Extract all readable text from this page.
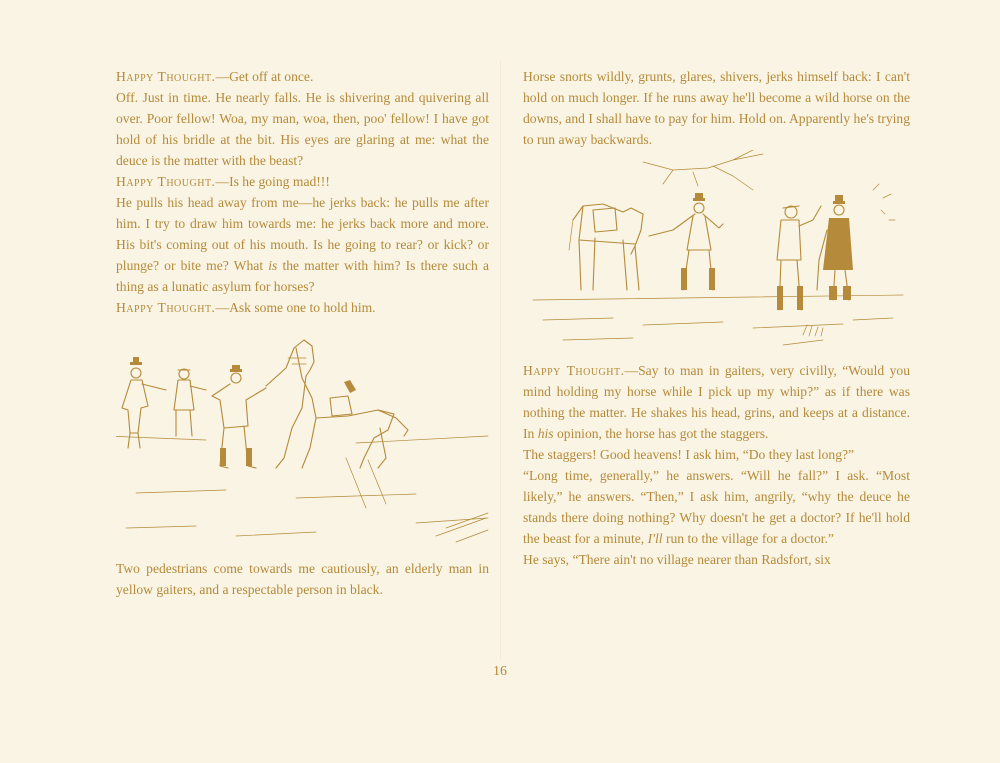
Happy Thought.—Get off at once.

Off. Just in time. He nearly falls. He is shivering and quivering all over. Poor fellow! Woa, my man, woa, then, poo' fellow! I have got hold of his bridle at the bit. His eyes are glaring at me: what the deuce is the matter with the beast?

Happy Thought.—Is he going mad!!!

He pulls his head away from me—he jerks back: he pulls me after him. I try to draw him towards me: he jerks back more and more. His bit's coming out of his mouth. Is he going to rear? or kick? or plunge? or bite me? What is the matter with him? Is there such a thing as a lunatic asylum for horses?

Happy Thought.—Ask some one to hold him.

Two pedestrians come towards me cautiously, an elderly man in yellow gaiters, and a respectable person in black.

Horse snorts wildly, grunts, glares, shivers, jerks himself back: I can't hold on much longer. If he runs away he'll become a wild horse on the downs, and I shall have to pay for him. Hold on. Apparently he's trying to run away backwards.

Happy Thought.—Say to man in gaiters, very civilly, “Would you mind holding my horse while I pick up my whip?” as if there was nothing the matter. He shakes his head, grins, and keeps at a distance. In his opinion, the horse has got the staggers.

The staggers! Good heavens! I ask him, “Do they last long?”

“Long time, generally,” he answers. “Will he fall?” I ask. “Most likely,” he answers. “Then,” I ask him, angrily, “why the deuce he stands there doing nothing? Why doesn't he get a doctor? If he'll hold the beast for a minute, I'll run to the village for a doctor.”

He says, “There ain't no village nearer than Radsfort, six

16
